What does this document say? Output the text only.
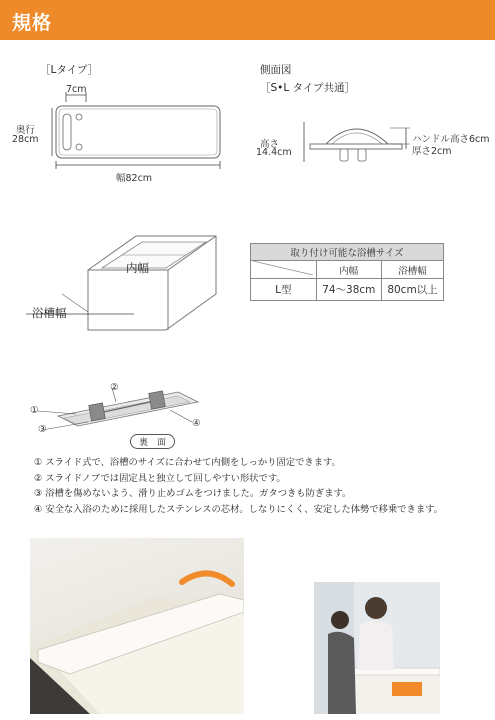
規格
［Lタイプ］
7cm
奥行
28cm
幅82cm
側面図
［S•L タイプ共通］
高さ
14.4cm
ハンドル高さ6cm
厚さ2cm
内幅
浴槽幅
取り付け可能な浴槽サイズ		
	内幅	浴槽幅
L型	74～38cm	80cm以上
①
②
③
④
裏　面
① スライド式で、浴槽のサイズに合わせて内側をしっかり固定できます。
② スライドノブでは固定具と独立して回しやすい形状です。
③ 浴槽を傷めないよう、滑り止めゴムをつけました。ガタつきも防ぎます。
④ 安全な入浴のために採用したステンレスの芯材。しなりにくく、安定した体勢で移乗できます。
